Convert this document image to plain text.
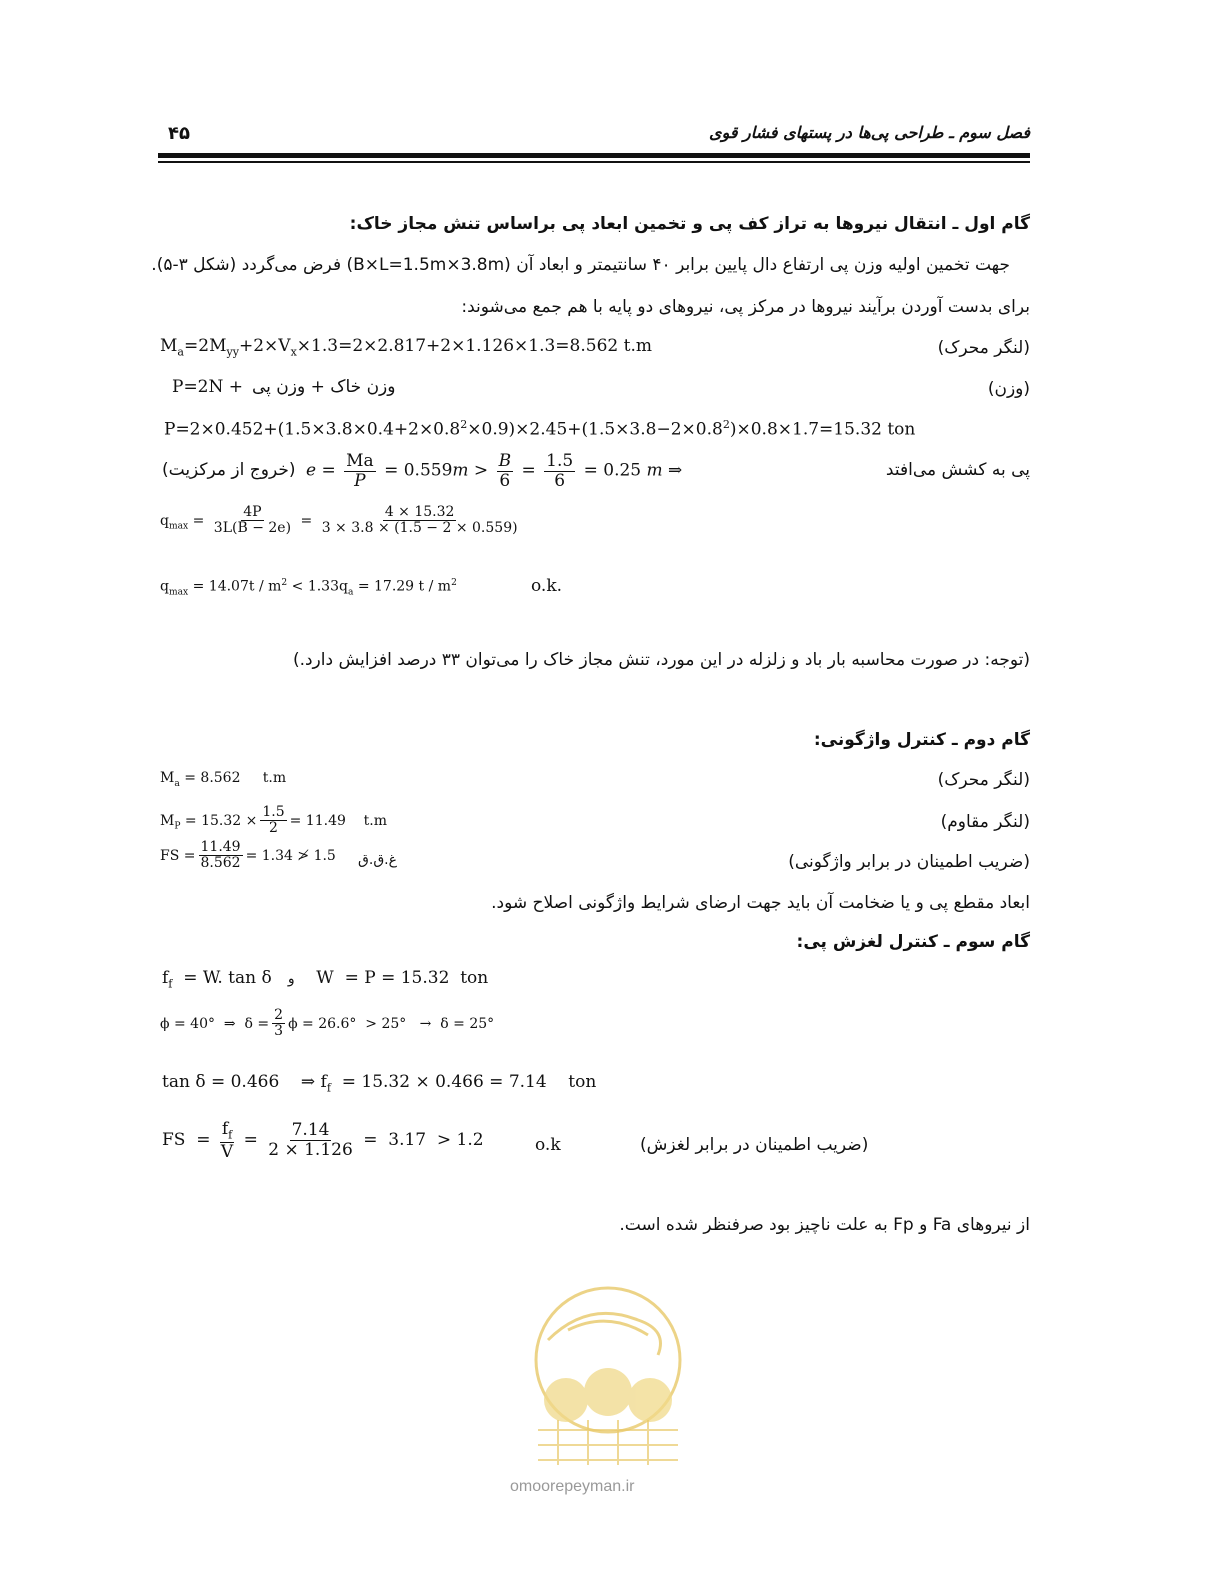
۴۵	فصل سوم ـ طراحی پی‌ها در پستهای فشار قوی
گام اول ـ انتقال نیروها به تراز کف پی و تخمین ابعاد پی براساس تنش مجاز خاک:
جهت تخمین اولیه وزن پی ارتفاع دال پایین برابر ۴۰ سانتیمتر و ابعاد آن (B×L=1.5m×3.8m) فرض می‌گردد (شکل ۳-۵).
برای بدست آوردن برآیند نیروها در مرکز پی، نیروهای دو پایه با هم جمع می‌شوند:
$M_a=2M_{yy}+2\times V_x\times 1.3=2\times 2.817+2\times 1.126\times 1.3=8.562$ t.m	(لنگر محرک)
P=2N + وزن خاک + وزن پی	(وزن)
$P=2\times 0.452+(1.5\times 3.8\times 0.4+2\times 0.8^2\times 0.9)\times 2.45+(1.5\times 3.8-2\times 0.8^2)\times 0.8\times 1.7=15.32$ ton
(خروج از مرکزیت) $e = \frac{Ma}{P} = 0.559m > \frac{B}{6} = \frac{1.5}{6} = 0.25$ m ⇒	پی به کشش می‌افتد
$q_{max} = \frac{4P}{3L(B - 2e)} = \frac{4 \times 15.32}{3 \times 3.8 \times (1.5 - 2 \times 0.559)}$
$q_{max} = 14.07t / m^2 < 1.33q_a = 17.29$ t / $m^2$	o.k.
(توجه: در صورت محاسبه بار باد و زلزله در این مورد، تنش مجاز خاک را می‌توان ۳۳ درصد افزایش دارد.)
گام دوم ـ کنترل واژگونی:
$M_a = 8.562$ t.m	(لنگر محرک)
$M_P = 15.32 \times \frac{1.5}{2} = 11.49$    t.m	(لنگر مقاوم)
FS = $\frac{11.49}{8.562} = 1.34$ ≯ 1.5 غ.ق.ق	(ضریب اطمینان در برابر واژگونی)
ابعاد مقطع پی و یا ضخامت آن باید جهت ارضای شرایط واژگونی اصلاح شود.
گام سوم ـ کنترل لغزش پی:
$f_f = W$. tan δ   و    W  = P = 15.32  ton
ϕ = 40°  ⇒  $\delta = \frac{2}{3}$ ϕ = 26.6°  > 25°   →  δ = 25°
tan δ = 0.466    ⇒ $f_f = 15.32 \times 0.466 = 7.14$    ton
FS  = $\frac{f_f}{V} = \frac{7.14}{2 \times 1.126} = 3.17 > 1.2$	o.k	(ضریب اطمینان در برابر لغزش)
از نیروهای Fa و Fp به علت ناچیز بود صرفنظر شده است.
omoorepeyman.ir
